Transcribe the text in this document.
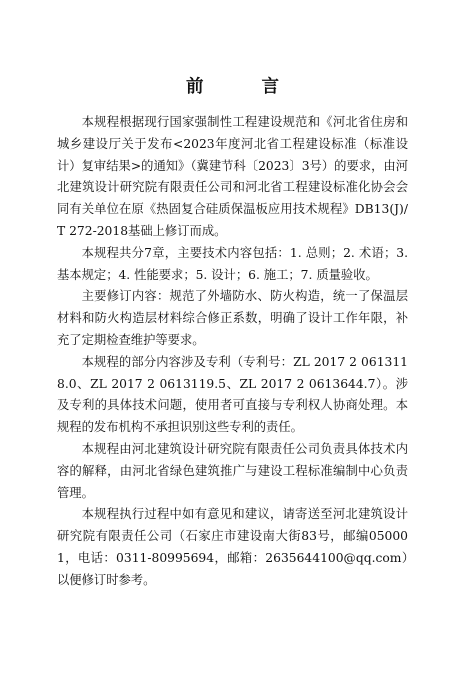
前 言

本规程根据现行国家强制性工程建设规范和《河北省住房和城乡建设厅关于发布<2023年度河北省工程建设标准（标准设计）复审结果>的通知》（冀建节科〔2023〕3号）的要求，由河北建筑设计研究院有限责任公司和河北省工程建设标准化协会会同有关单位在原《热固复合硅质保温板应用技术规程》DB13(J)/T 272-2018基础上修订而成。

本规程共分7章，主要技术内容包括：1. 总则；2. 术语；3. 基本规定；4. 性能要求；5. 设计；6. 施工；7. 质量验收。

主要修订内容：规范了外墙防水、防火构造，统一了保温层材料和防火构造层材料综合修正系数，明确了设计工作年限，补充了定期检查维护等要求。

本规程的部分内容涉及专利（专利号：ZL 2017 2 0613118.0、ZL 2017 2 0613119.5、ZL 2017 2 0613644.7）。涉及专利的具体技术问题，使用者可直接与专利权人协商处理。本规程的发布机构不承担识别这些专利的责任。

本规程由河北建筑设计研究院有限责任公司负责具体技术内容的解释，由河北省绿色建筑推广与建设工程标准编制中心负责管理。

本规程执行过程中如有意见和建议，请寄送至河北建筑设计研究院有限责任公司（石家庄市建设南大街83号，邮编050001，电话：0311-80995694，邮箱：2635644100@qq.com）以便修订时参考。
